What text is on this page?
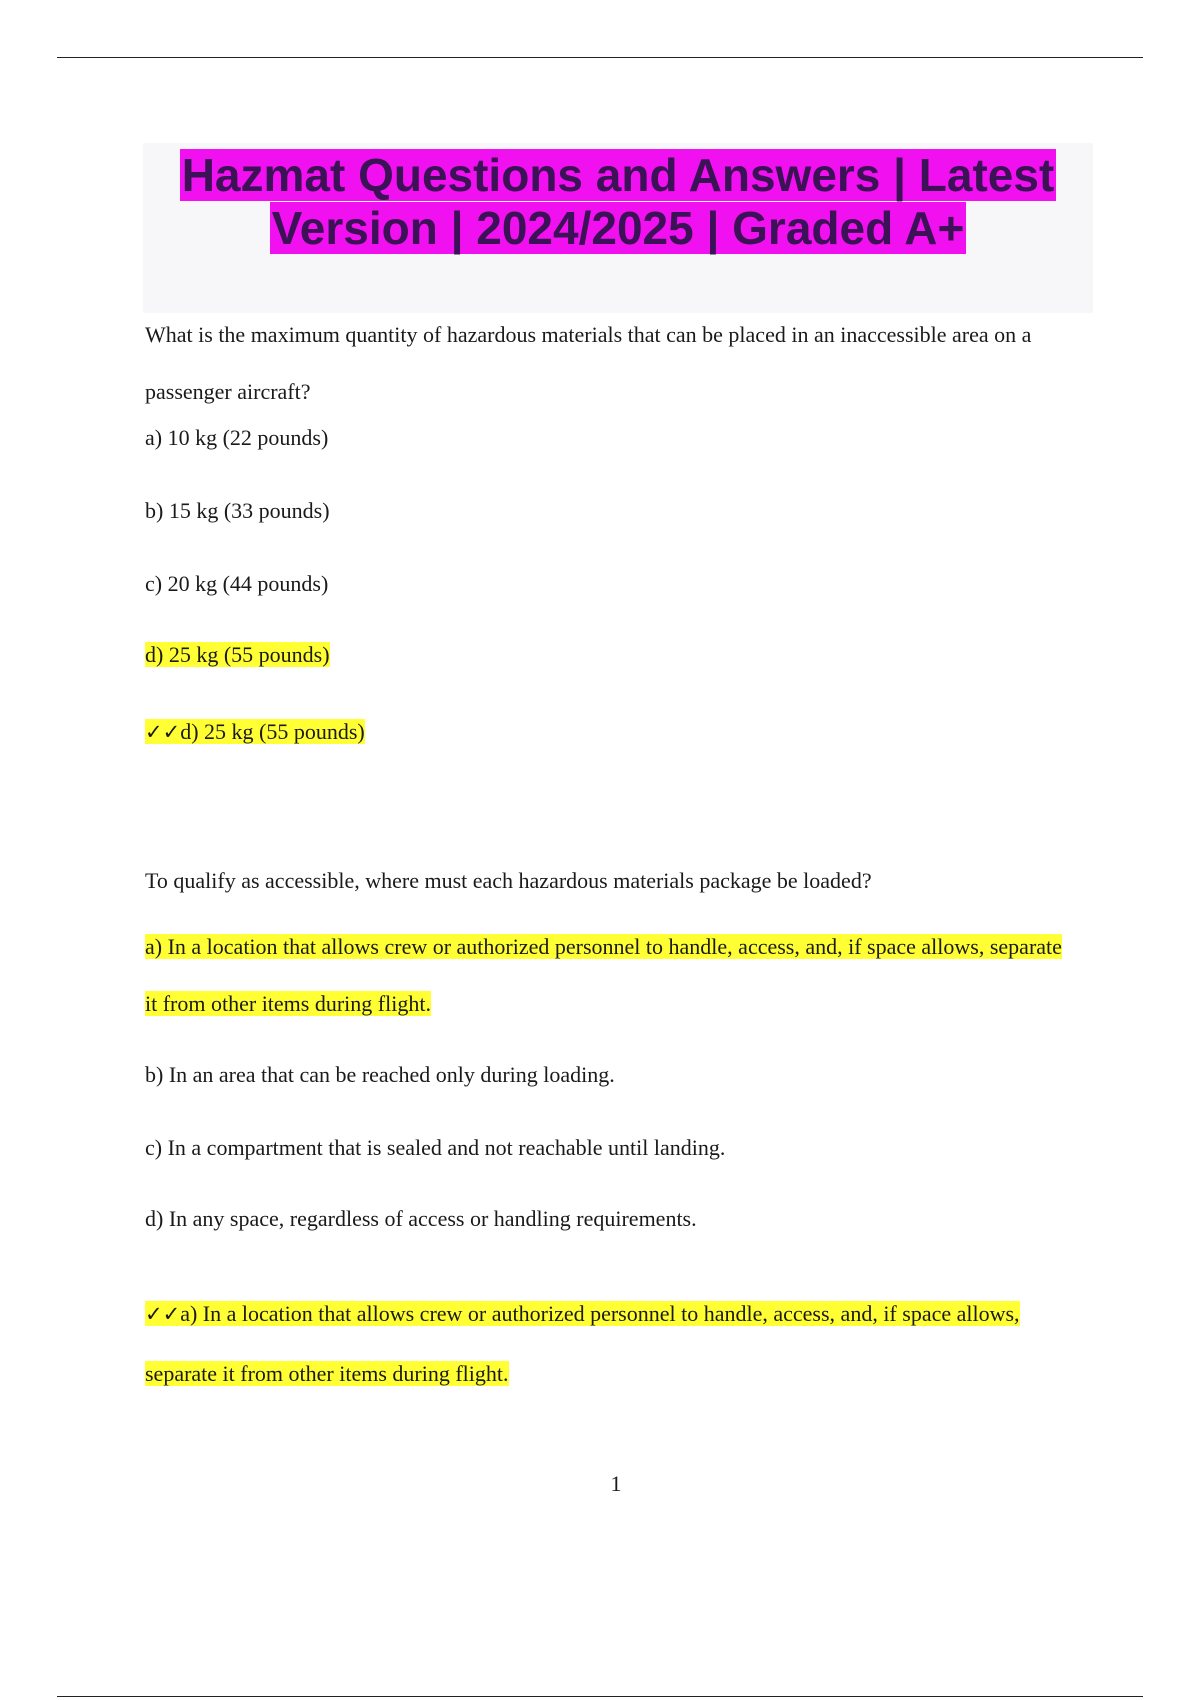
Hazmat Questions and Answers | Latest
Version | 2024/2025 | Graded A+

What is the maximum quantity of hazardous materials that can be placed in an inaccessible area on a passenger aircraft?

a) 10 kg (22 pounds)

b) 15 kg (33 pounds)

c) 20 kg (44 pounds)

d) 25 kg (55 pounds)

✓✓d) 25 kg (55 pounds)

To qualify as accessible, where must each hazardous materials package be loaded?

a) In a location that allows crew or authorized personnel to handle, access, and, if space allows, separate it from other items during flight.

b) In an area that can be reached only during loading.

c) In a compartment that is sealed and not reachable until landing.

d) In any space, regardless of access or handling requirements.

✓✓a) In a location that allows crew or authorized personnel to handle, access, and, if space allows, separate it from other items during flight.

1
